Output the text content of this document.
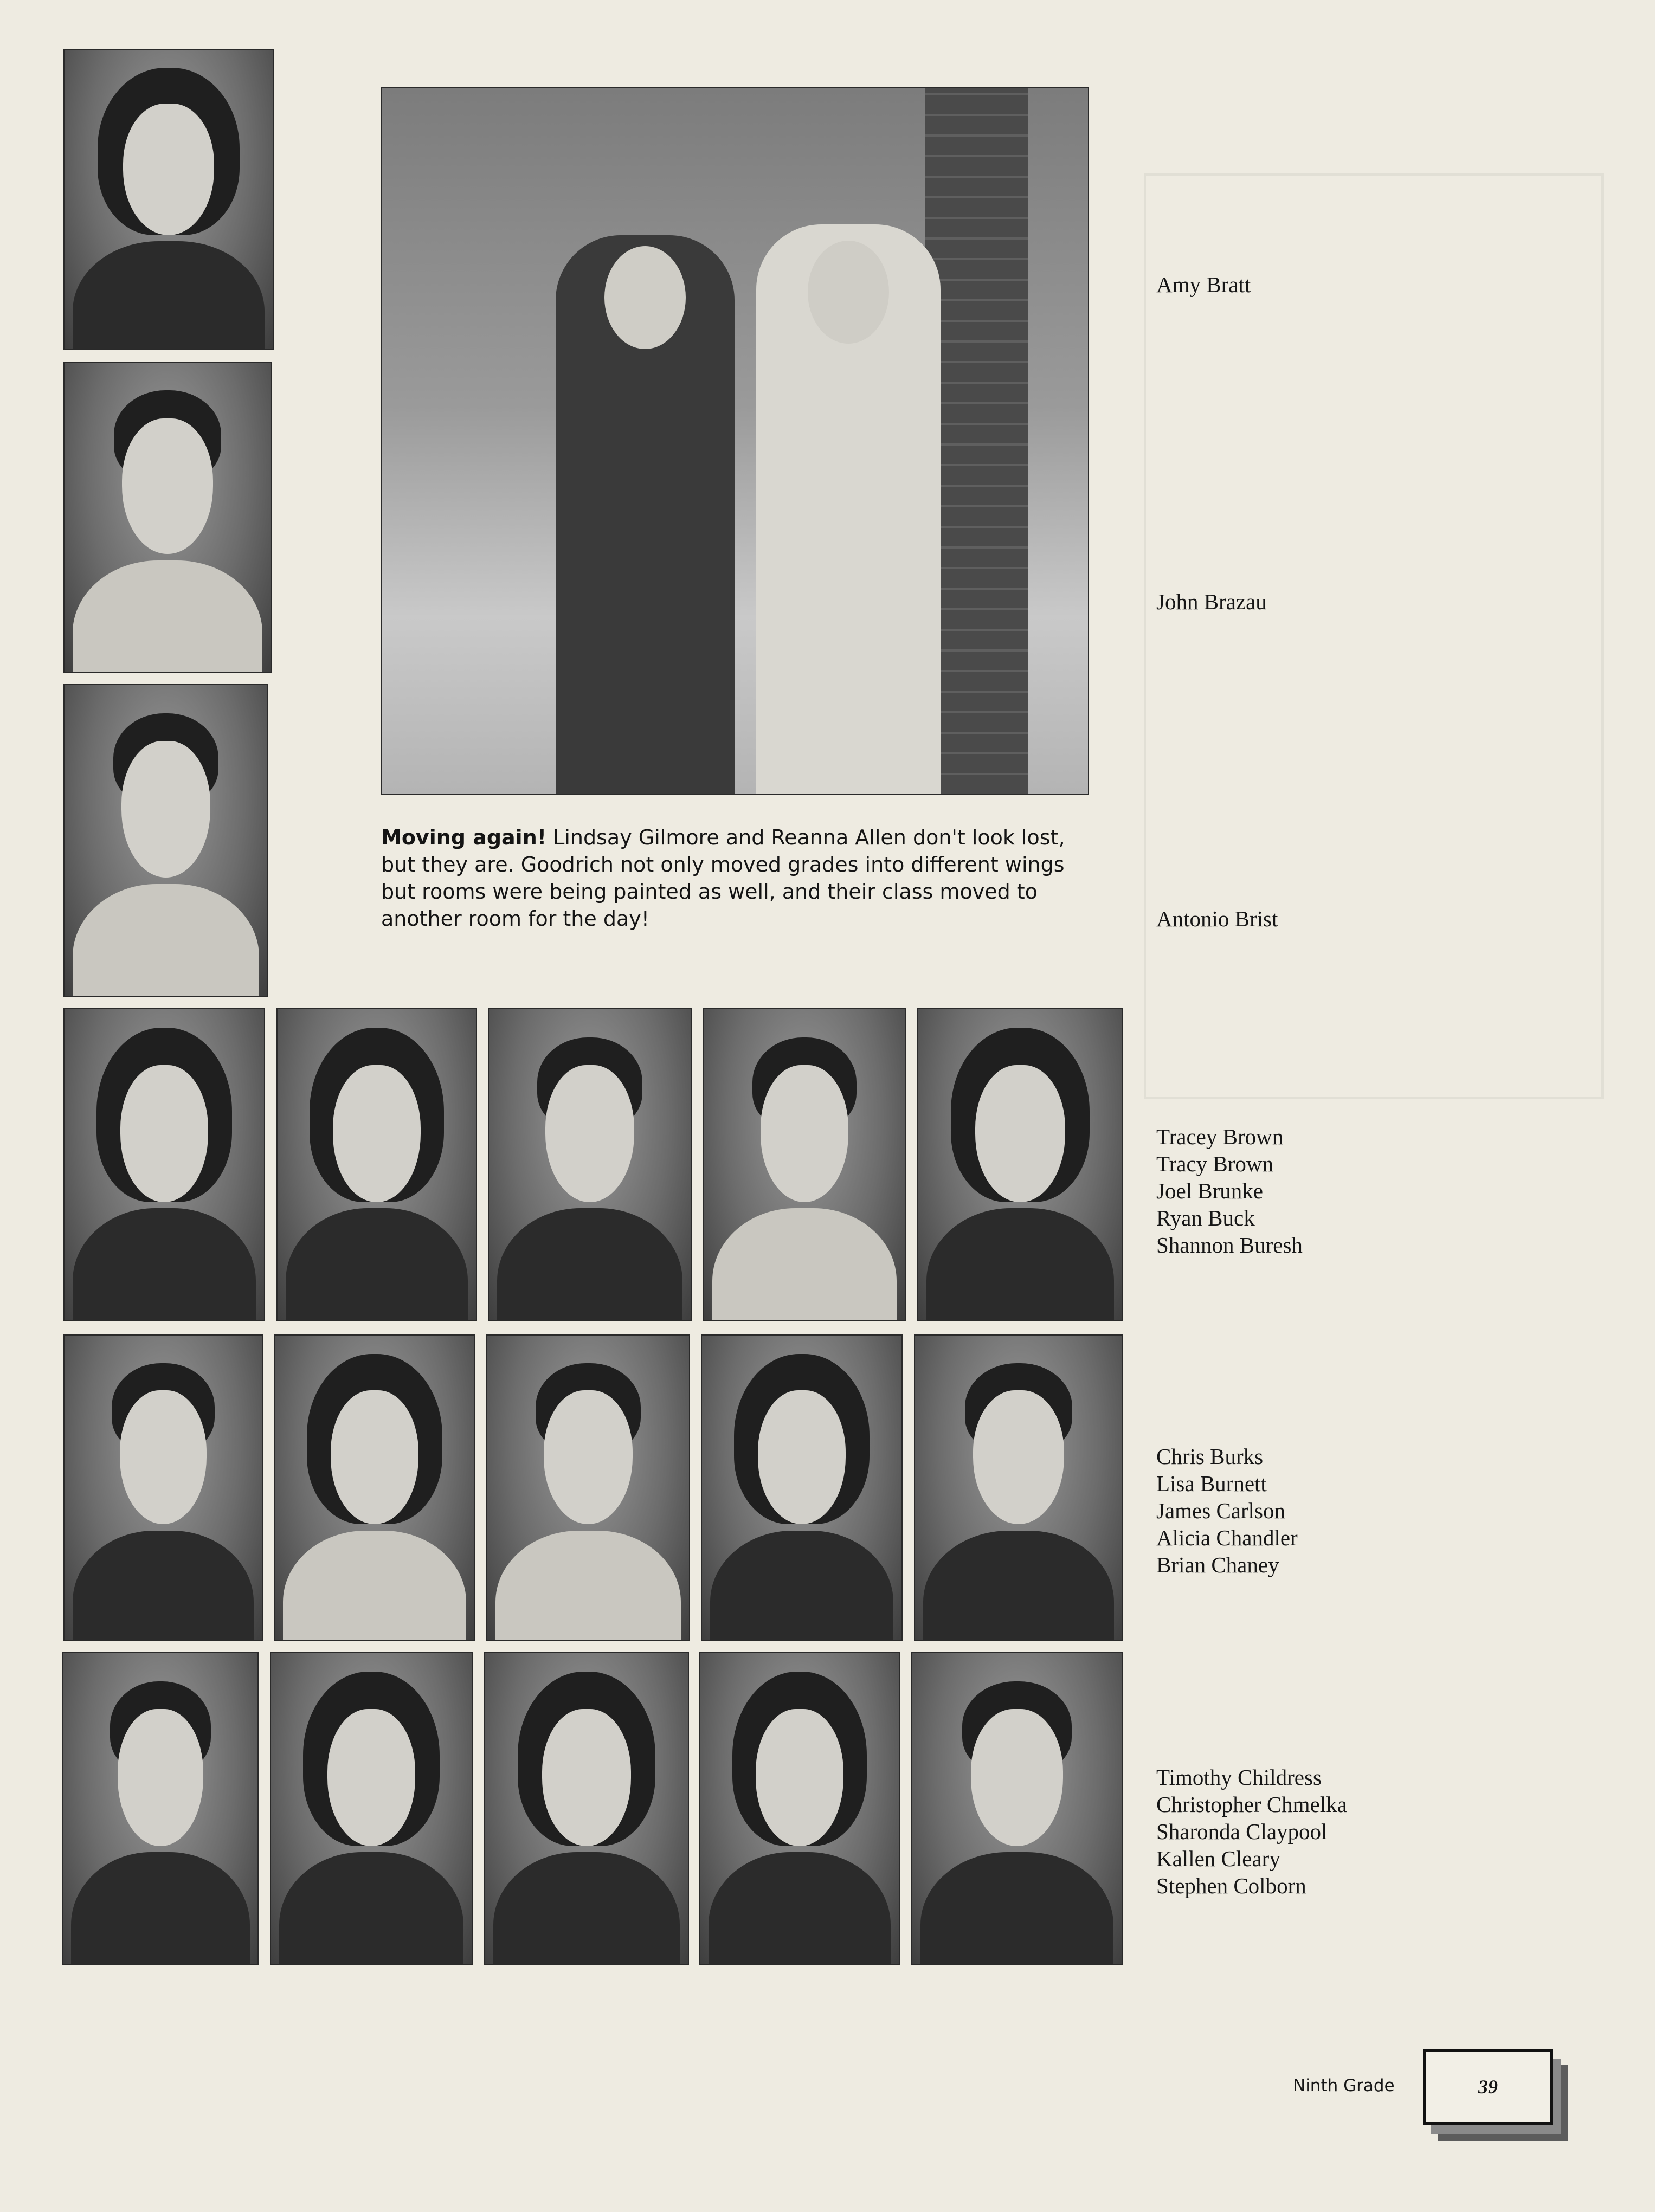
Moving again! Lindsay Gilmore and Reanna Allen don't look lost, but they are. Goodrich not only moved grades into different wings but rooms were being painted as well, and their class moved to another room for the day!
Amy Bratt
John Brazau
Antonio Brist
Tracey Brown
Tracy Brown
Joel Brunke
Ryan Buck
Shannon Buresh
Chris Burks
Lisa Burnett
James Carlson
Alicia Chandler
Brian Chaney
Timothy Childress
Christopher Chmelka
Sharonda Claypool
Kallen Cleary
Stephen Colborn
Ninth Grade	39
